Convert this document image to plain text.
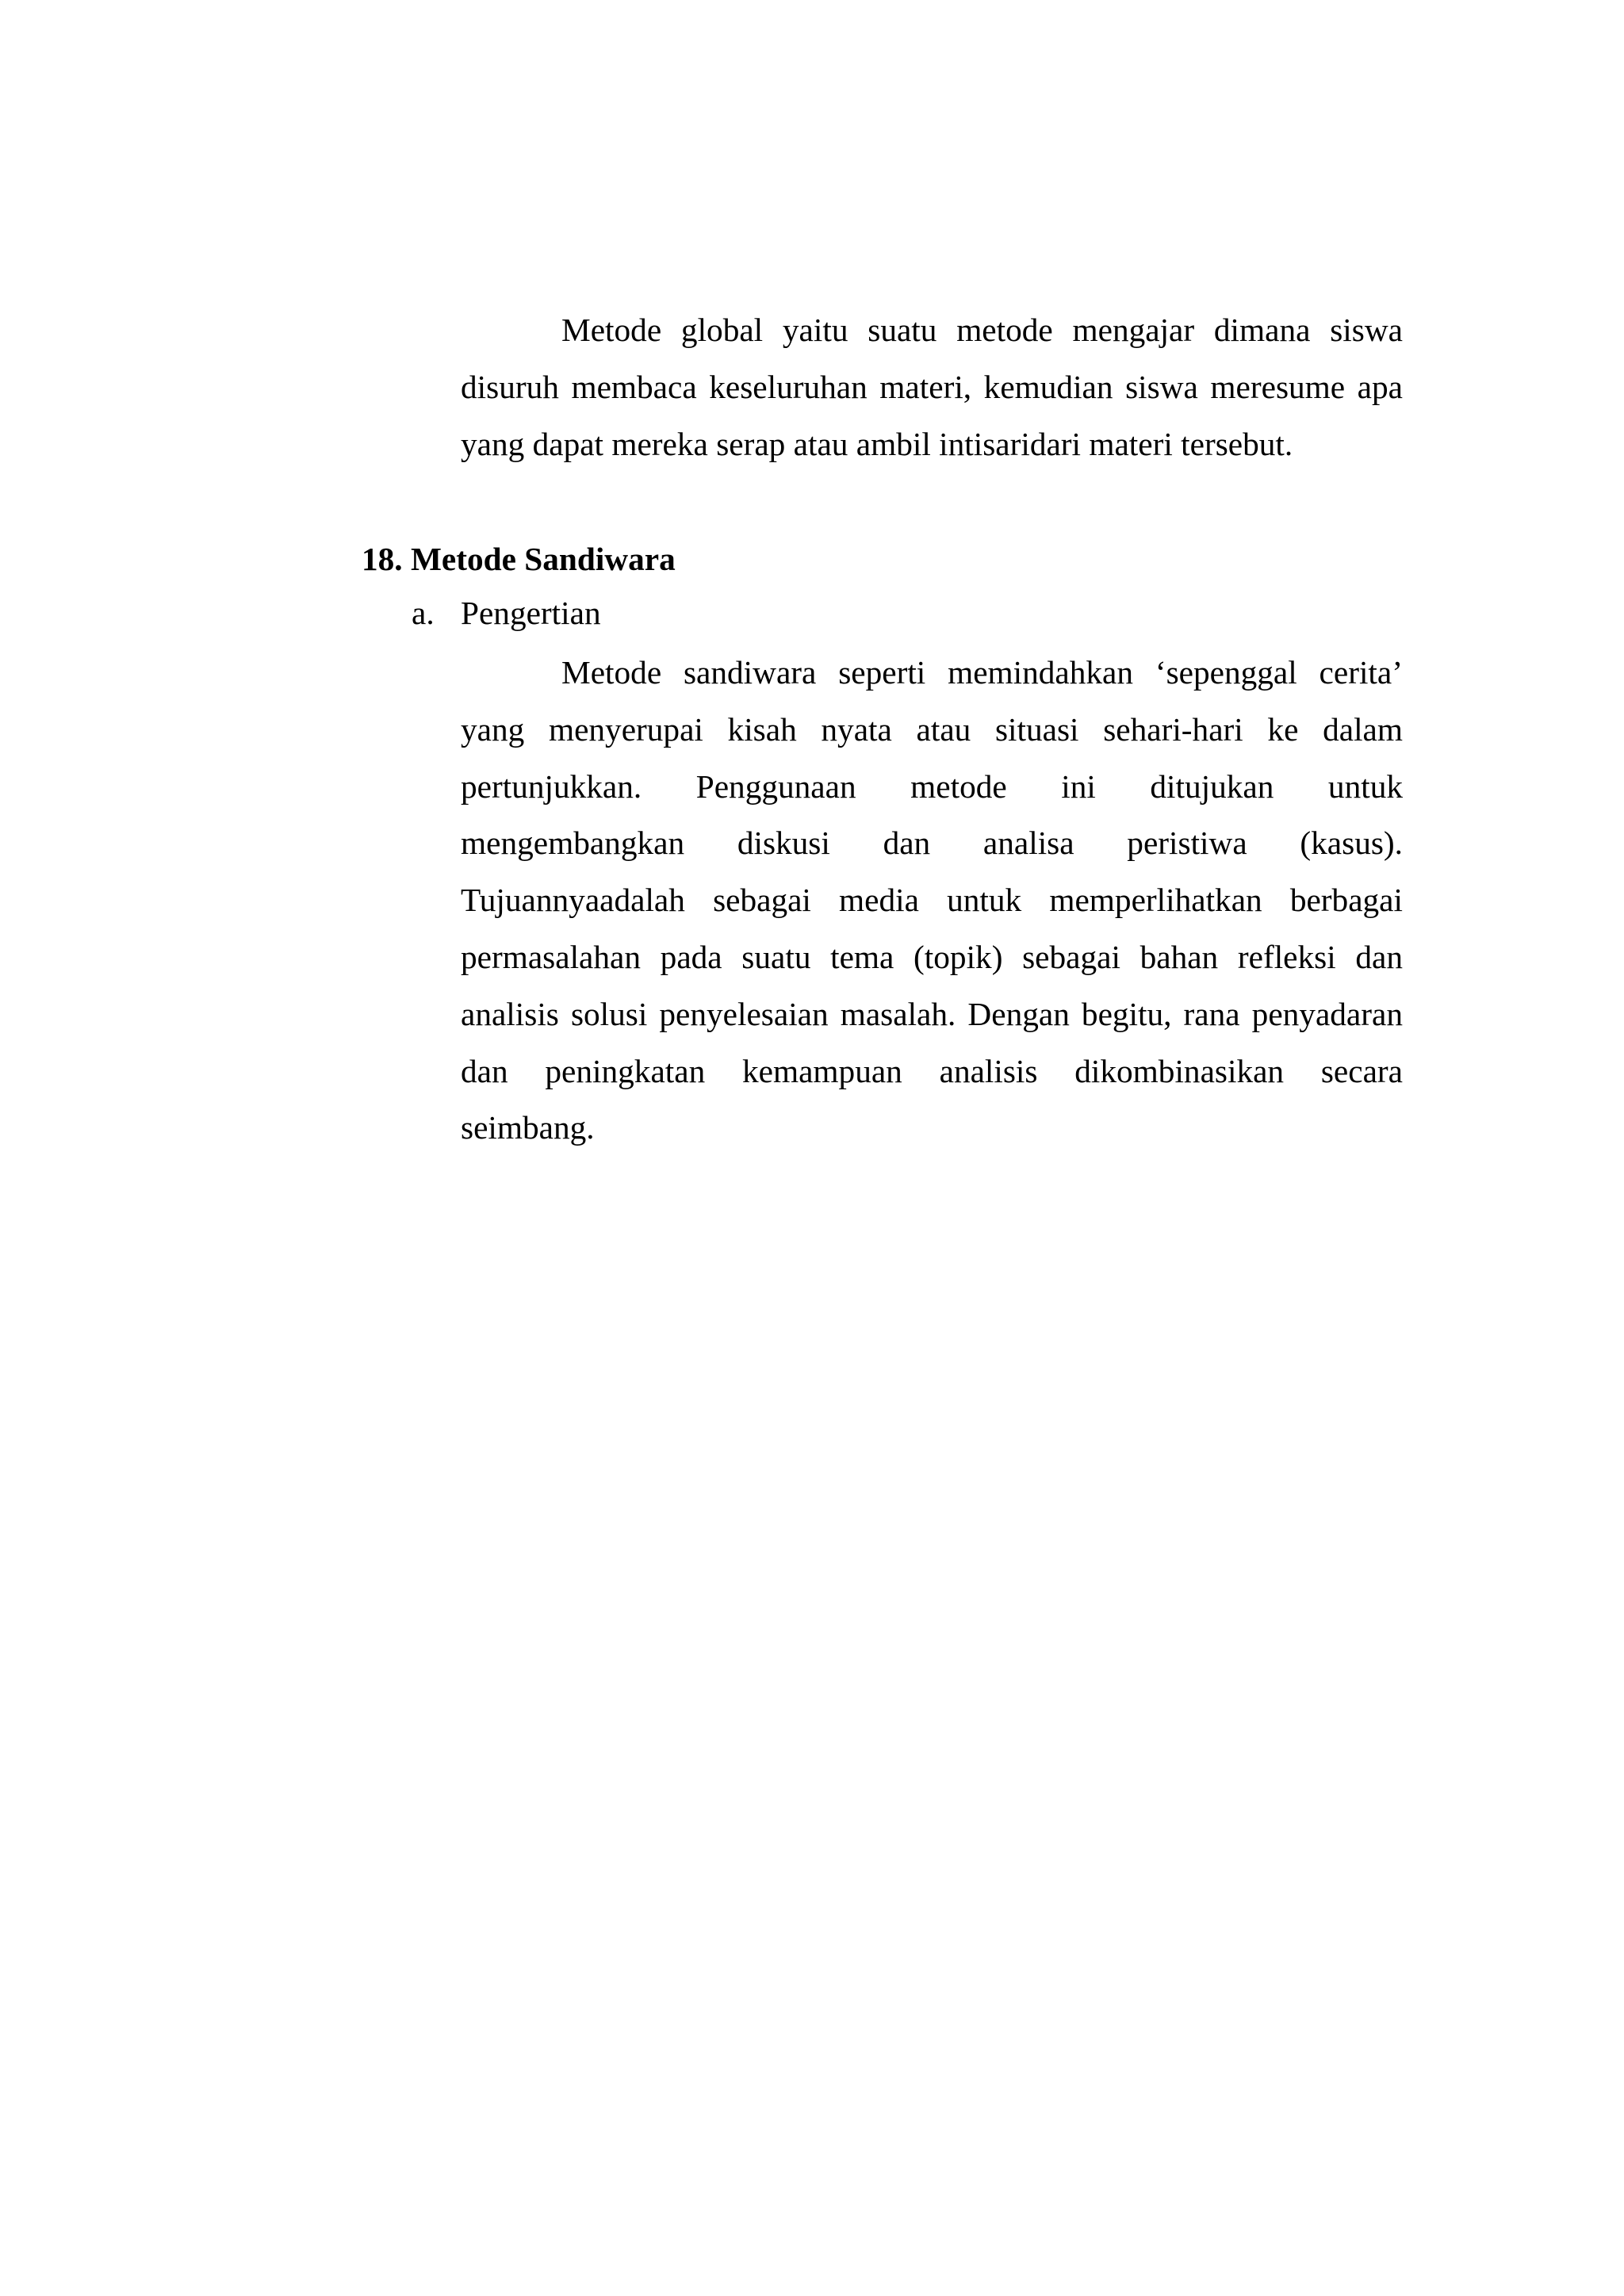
Metode global yaitu suatu metode mengajar dimana siswa
disuruh membaca keseluruhan materi, kemudian siswa meresume apa
yang dapat mereka serap atau ambil intisaridari materi tersebut.
18. Metode Sandiwara
a. Pengertian
Metode sandiwara seperti memindahkan ‘sepenggal cerita’
yang menyerupai kisah nyata atau situasi sehari-hari ke dalam
pertunjukkan. Penggunaan metode ini ditujukan untuk
mengembangkan diskusi dan analisa peristiwa (kasus).
Tujuannyaadalah sebagai media untuk memperlihatkan berbagai
permasalahan pada suatu tema (topik) sebagai bahan refleksi dan
analisis solusi penyelesaian masalah. Dengan begitu, rana penyadaran
dan peningkatan kemampuan analisis dikombinasikan secara
seimbang.
